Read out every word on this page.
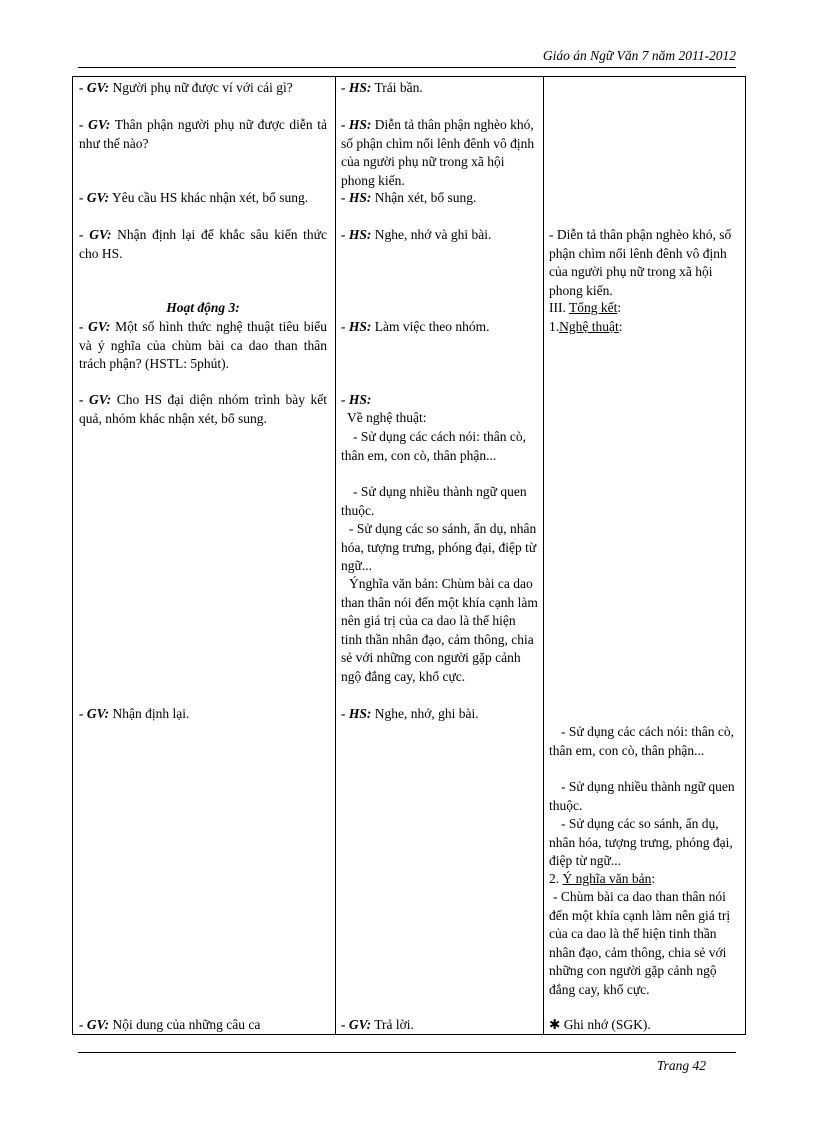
Giáo án Ngữ Văn 7 năm 2011-2012
- GV: Người phụ nữ được ví với cái gì?
- GV: Thân phận người phụ nữ được diễn tả như thế nào?
- GV: Yêu cầu HS khác nhận xét, bổ sung.
- GV: Nhận định lại để khắc sâu kiến thức cho HS.
Hoạt động 3:
- GV: Một số hình thức nghệ thuật tiêu biểu và ý nghĩa của chùm bài ca dao than thân trách phận? (HSTL: 5phút).
- GV: Cho HS đại diện nhóm trình bày kết quả, nhóm khác nhận xét, bổ sung.
- GV: Nhận định lại.
- GV: Nội dung của những câu ca
- HS: Trái bần.
- HS: Diễn tả thân phận nghèo khó, số phận chìm nổi lênh đênh vô định của người phụ nữ trong xã hội phong kiến.
- HS: Nhận xét, bổ sung.
- HS: Nghe, nhớ và ghi bài.
- HS: Làm việc theo nhóm.
- HS:
Về nghệ thuật:
- Sử dụng các cách nói: thân cò, thân em, con cò, thân phận...
- Sử dụng nhiều thành ngữ quen thuộc.
- Sử dụng các so sánh, ẩn dụ, nhân hóa, tượng trưng, phóng đại, điệp từ ngữ...
Ýnghĩa văn bản: Chùm bài ca dao than thân nói đến một khía cạnh làm nên giá trị của ca dao là thể hiện tinh thần nhân đạo, cảm thông, chia sẻ với những con người gặp cảnh ngộ đắng cay, khổ cực.
- HS: Nghe, nhớ, ghi bài.
- GV: Trả lời.
- Diễn tả thân phận nghèo khó, số phận chìm nổi lênh đênh vô định của người phụ nữ trong xã hội phong kiến.
III. Tổng kết:
1.Nghệ thuật:
- Sử dụng các cách nói: thân cò, thân em, con cò, thân phận...
- Sử dụng nhiều thành ngữ quen thuộc.
- Sử dụng các so sánh, ẩn dụ, nhân hóa, tượng trưng, phóng đại, điệp từ ngữ...
2. Ý nghĩa văn bản:
- Chùm bài ca dao than thân nói đến một khía cạnh làm nên giá trị của ca dao là thể hiện tinh thần nhân đạo, cảm thông, chia sẻ với những con người gặp cảnh ngộ đắng cay, khổ cực.
✱ Ghi nhớ (SGK).
Trang 42
